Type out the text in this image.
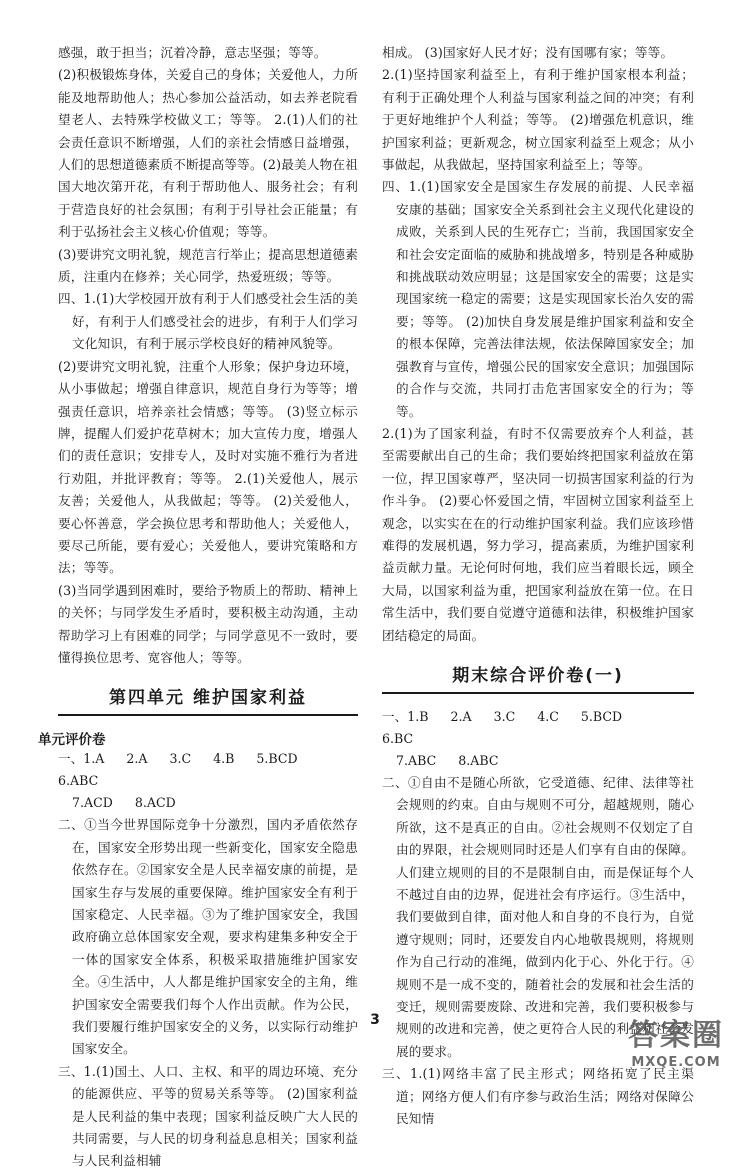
感强，敢于担当；沉着冷静，意志坚强；等等。

(2)积极锻炼身体，关爱自己的身体；关爱他人，力所能及地帮助他人；热心参加公益活动，如去养老院看望老人、去特殊学校做义工；等等。 2.(1)人们的社会责任意识不断增强，人们的亲社会情感日益增强，人们的思想道德素质不断提高等等。(2)最美人物在祖国大地次第开花，有利于帮助他人、服务社会；有利于营造良好的社会氛围；有利于引导社会正能量；有利于弘扬社会主义核心价值观；等等。

(3)要讲究文明礼貌，规范言行举止；提高思想道德素质，注重内在修养；关心同学，热爱班级；等等。

四、1.(1)大学校园开放有利于人们感受社会生活的美好，有利于人们感受社会的进步，有利于人们学习文化知识，有利于展示学校良好的精神风貌等。

(2)要讲究文明礼貌，注重个人形象；保护身边环境，从小事做起；增强自律意识，规范自身行为等等；增强责任意识，培养亲社会情感；等等。 (3)竖立标示牌，提醒人们爱护花草树木；加大宣传力度，增强人们的责任意识；安排专人，及时对实施不雅行为者进行劝阻，并批评教育；等等。 2.(1)关爱他人，展示友善；关爱他人，从我做起；等等。 (2)关爱他人，要心怀善意，学会换位思考和帮助他人；关爱他人，要尽己所能，要有爱心；关爱他人，要讲究策略和方法；等等。

(3)当同学遇到困难时，要给予物质上的帮助、精神上的关怀；与同学发生矛盾时，要积极主动沟通，主动帮助学习上有困难的同学；与同学意见不一致时，要懂得换位思考、宽容他人；等等。

第四单元 维护国家利益
单元评价卷
一、1.A 2.A 3.C 4.B 5.BCD
6.ABC
7.ACD 8.ACD

二、①当今世界国际竞争十分激烈，国内矛盾依然存在，国家安全形势出现一些新变化，国家安全隐患依然存在。②国家安全是人民幸福安康的前提，是国家生存与发展的重要保障。维护国家安全有利于国家稳定、人民幸福。③为了维护国家安全，我国政府确立总体国家安全观，要求构建集多种安全于一体的国家安全体系，积极采取措施维护国家安全。④生活中，人人都是维护国家安全的主角，维护国家安全需要我们每个人作出贡献。作为公民，我们要履行维护国家安全的义务，以实际行动维护国家安全。

三、1.(1)国土、人口、主权、和平的周边环境、充分的能源供应、平等的贸易关系等等。 (2)国家利益是人民利益的集中表现；国家利益反映广大人民的共同需要，与人民的切身利益息息相关；国家利益与人民利益相辅

相成。 (3)国家好人民才好；没有国哪有家；等等。

2.(1)坚持国家利益至上，有利于维护国家根本利益；有利于正确处理个人利益与国家利益之间的冲突；有利于更好地维护个人利益；等等。 (2)增强危机意识，维护国家利益；更新观念，树立国家利益至上观念；从小事做起，从我做起，坚持国家利益至上；等等。

四、1.(1)国家安全是国家生存发展的前提、人民幸福安康的基础；国家安全关系到社会主义现代化建设的成败，关系到人民的生死存亡；当前，我国国家安全和社会安定面临的威胁和挑战增多，特别是各种威胁和挑战联动效应明显；这是国家安全的需要；这是实现国家统一稳定的需要；这是实现国家长治久安的需要；等等。 (2)加快自身发展是维护国家利益和安全的根本保障，完善法律法规，依法保障国家安全；加强教育与宣传，增强公民的国家安全意识；加强国际的合作与交流，共同打击危害国家安全的行为；等等。

2.(1)为了国家利益，有时不仅需要放弃个人利益，甚至需要献出自己的生命；我们要始终把国家利益放在第一位，捍卫国家尊严，坚决同一切损害国家利益的行为作斗争。 (2)要心怀爱国之情，牢固树立国家利益至上观念，以实实在在的行动维护国家利益。我们应该珍惜难得的发展机遇，努力学习，提高素质，为维护国家利益贡献力量。无论何时何地，我们应当着眼长远，顾全大局，以国家利益为重，把国家利益放在第一位。在日常生活中，我们要自觉遵守道德和法律，积极维护国家团结稳定的局面。

期末综合评价卷(一)
一、1.B 2.A 3.C 4.C 5.BCD
6.BC
7.ABC 8.ABC

二、①自由不是随心所欲，它受道德、纪律、法律等社会规则的约束。自由与规则不可分，超越规则，随心所欲，这不是真正的自由。②社会规则不仅划定了自由的界限，社会规则同时还是人们享有自由的保障。人们建立规则的目的不是限制自由，而是保证每个人不越过自由的边界，促进社会有序运行。③生活中，我们要做到自律，面对他人和自身的不良行为，自觉遵守规则；同时，还要发自内心地敬畏规则，将规则作为自己行动的准绳，做到内化于心、外化于行。④规则不是一成不变的，随着社会的发展和社会生活的变迁，规则需要废除、改进和完善，我们要积极参与规则的改进和完善，使之更符合人民的利益和社会发展的要求。

三、1.(1)网络丰富了民主形式；网络拓宽了民主渠道；网络方便人们有序参与政治生活；网络对保障公民知情

3	答案圈
MXQE.COM
